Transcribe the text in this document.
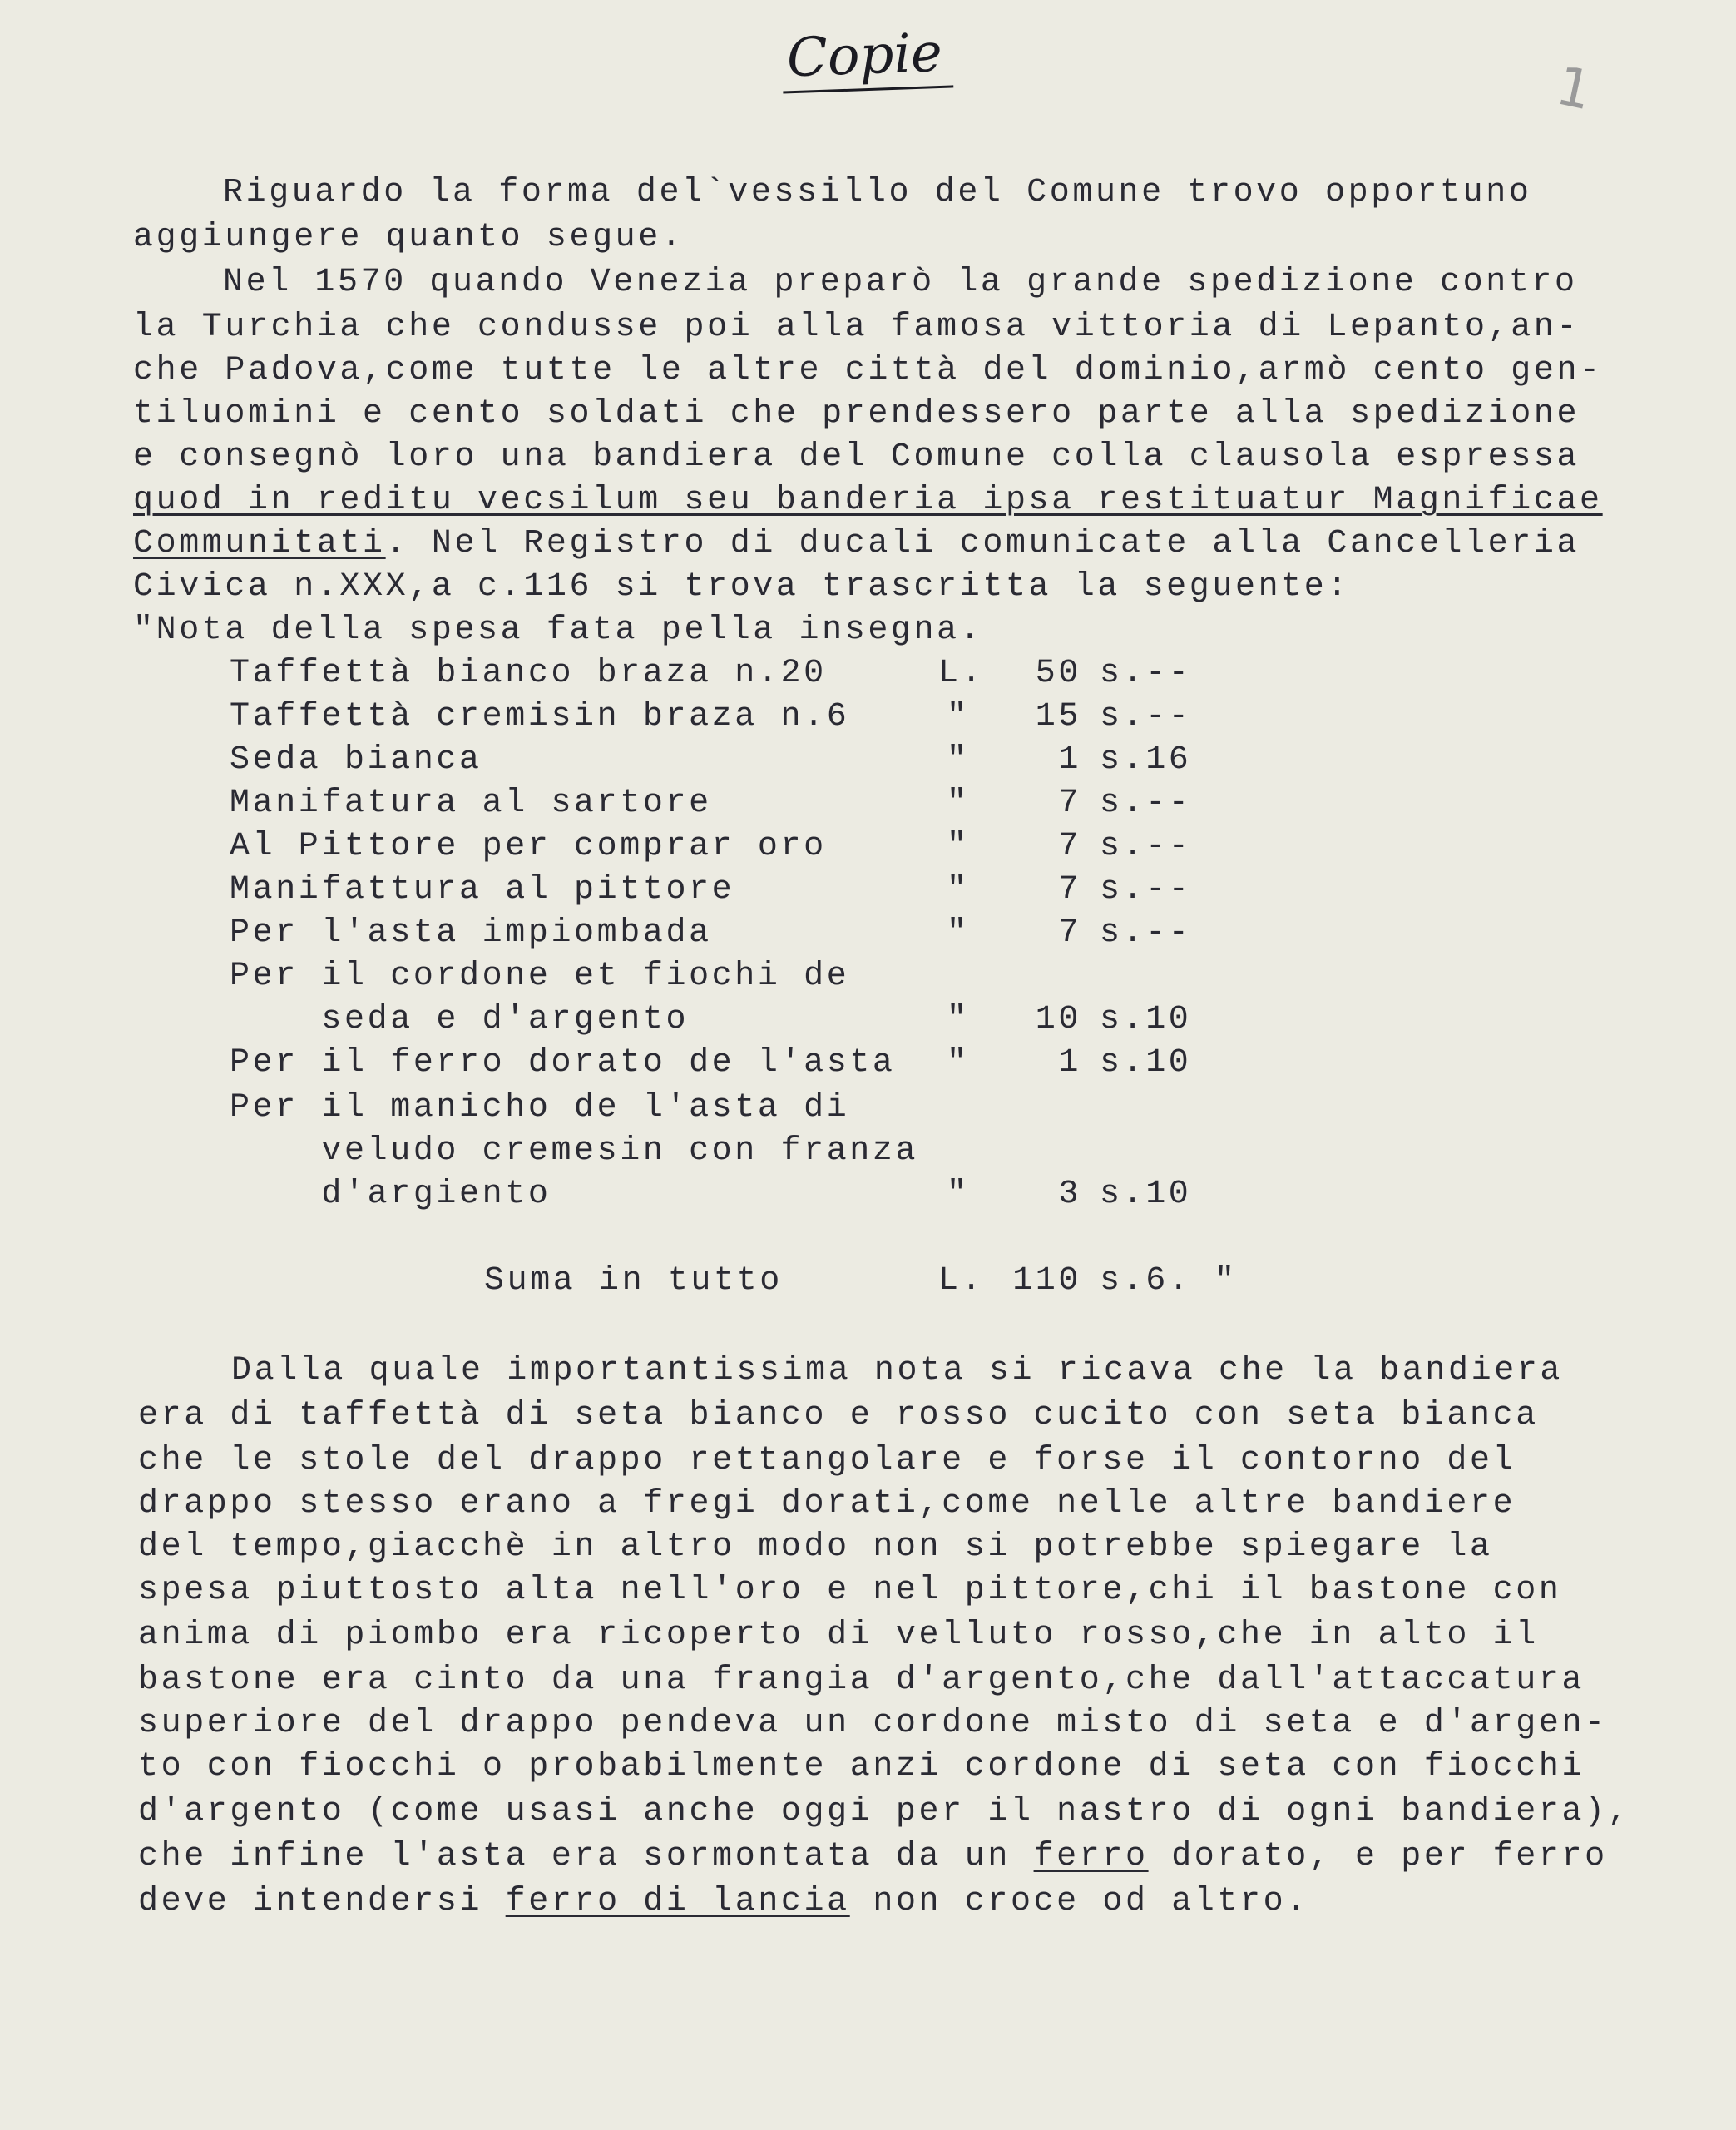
Copie	1
Riguardo la forma del`vessillo del Comune trovo opportuno
aggiungere quanto segue.
Nel 1570 quando Venezia preparò la grande spedizione contro
la Turchia che condusse poi alla famosa vittoria di Lepanto,an-
che Padova,come tutte le altre città del dominio,armò cento gen-
tiluomini e cento soldati che prendessero parte alla spedizione
e consegnò loro una bandiera del Comune colla clausola espressa
quod in reditu vecsilum seu banderia ipsa restituatur Magnificae
Communitati. Nel Registro di ducali comunicate alla Cancelleria
Civica n.XXX,a c.116 si trova trascritta la seguente:
"Nota della spesa fata pella insegna.
Taffettà bianco braza n.20	L.	50 s.--
Taffettà cremisin braza n.6	"	15 s.--
Seda bianca	"	1 s.16
Manifatura al sartore	"	7 s.--
Al Pittore per comprar oro	"	7 s.--
Manifattura al pittore	"	7 s.--
Per l'asta impiombada	"	7 s.--
Per il cordone et fiochi de
seda e d'argento	"	10 s.10
Per il ferro dorato de l'asta "	1 s.10
Per il manicho de l'asta di
veludo cremesin con franza
d'argiento	"	3 s.10
Suma in tutto	L. 110 s.6. "
Dalla quale importantissima nota si ricava che la bandiera
era di taffettà di seta bianco e rosso cucito con seta bianca
che le stole del drappo rettangolare e forse il contorno del
drappo stesso erano a fregi dorati,come nelle altre bandiere
del tempo,giacchè in altro modo non si potrebbe spiegare la
spesa piuttosto alta nell'oro e nel pittore,chi il bastone con
anima di piombo era ricoperto di velluto rosso,che in alto il
bastone era cinto da una frangia d'argento,che dall'attaccatura
superiore del drappo pendeva un cordone misto di seta e d'argen-
to con fiocchi o probabilmente anzi cordone di seta con fiocchi
d'argento (come usasi anche oggi per il nastro di ogni bandiera),
che infine l'asta era sormontata da un ferro dorato, e per ferro
deve intendersi ferro di lancia non croce od altro.
